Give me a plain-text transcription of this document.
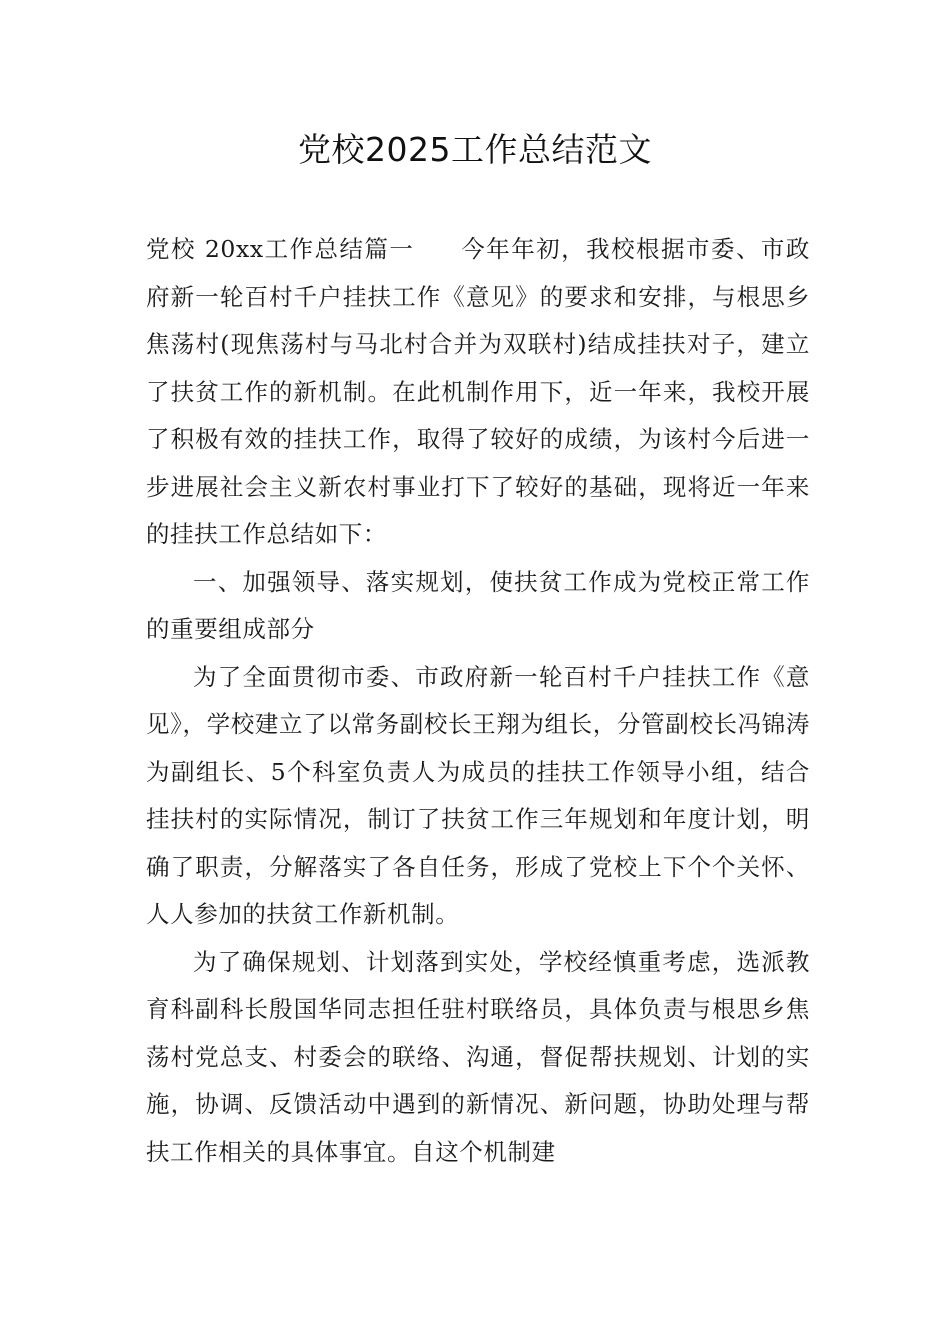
党校2025工作总结范文

党校 20xx工作总结篇一 今年年初，我校根据市委、市政府新一轮百村千户挂扶工作《意见》的要求和安排，与根思乡焦荡村(现焦荡村与马北村合并为双联村)结成挂扶对子，建立了扶贫工作的新机制。在此机制作用下，近一年来，我校开展了积极有效的挂扶工作，取得了较好的成绩，为该村今后进一步进展社会主义新农村事业打下了较好的基础，现将近一年来的挂扶工作总结如下：

一、加强领导、落实规划，使扶贫工作成为党校正常工作的重要组成部分

为了全面贯彻市委、市政府新一轮百村千户挂扶工作《意见》，学校建立了以常务副校长王翔为组长，分管副校长冯锦涛 为副组长、5个科室负责人为成员的挂扶工作领导小组，结合挂扶村的实际情况，制订了扶贫工作三年规划和年度计划，明确了职责，分解落实了各自任务，形成了党校上下个个关怀、人人参加的扶贫工作新机制。

为了确保规划、计划落到实处，学校经慎重考虑，选派教育科副科长殷国华同志担任驻村联络员，具体负责与根思乡焦荡村党总支、村委会的联络、沟通，督促帮扶规划、计划的实施，协调、反馈活动中遇到的新情况、新问题，协助处理与帮扶工作相关的具体事宜。自这个机制建
